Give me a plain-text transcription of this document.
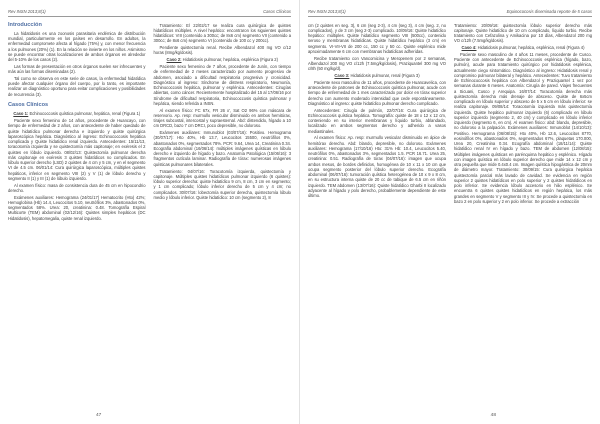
Rev INSN 2013;8(1)	Casos Clínicos
Introducción

La hidatidosis es una zoonosis parasitaria endémica de distribución mundial, particularmente en los países en desarrollo. En adultos, la enfermedad compromete afecta al hígado (75%) y, con menor frecuencia a los pulmones (20%) (1). En la relación se invierte en los niños. Asimismo se puede encontrar otras localizaciones de ambos órganos en alrededor del 5-10% de los casos (2).

Las formas de presentación en otros órganos suelen ser infrecuentes y más aún las formas diseminadas (2).

Tal como se observa en este serie de casos, la enfermedad hidatídica puede afectar cualquier órgano del cuerpo, por lo tanto, es importante realizar un diagnóstico oportuno para evitar complicaciones y posibilidades de recurrencia (3).

Casos Clínicos

Caso 1: Echinococcosis quística pulmonar, hepática, renal (Figura 1)

Paciente sexo femenino de 14 años, procedente de Huancayo, con tiempo de enfermedad de 2 años, con antecedente de haber quedado de quiste hidatídico pulmonar derecha e izquierdo y quiste quirúrgica laparoscópica hepática. Diagnóstico al ingreso: Echinococcosis hepática complicada y Quiste hidatídico renal izquierdo. Antecedentes: 15/11/13, toracotomía izquierda y se quistectomía más capitonaje; en exéresis el 2 quistes en lóbulo izquierdo. 08/02/13: Quistectomía pulmonar derecha más capitonaje en exéresis 3 quistes hidatídicos no complicados. En lóbulo superior derecho (LSD) 2 quistes de 4 cm y 5 cm, y en el segmento VI de 4.5 cm. 06/01/14: Cura quirúrgica laparoscópica, múltiples quistes hepáticos, inferior en segmento VIII (2) y V (1) de lóbulo derecho y segmento II (1) y III (1) de lóbulo izquierdo.

Al examen físico: masa de consistencia dura de 45 cm en hipocondrio derecho.

Exámenes auxiliares: Hemograma (24/01/17) Hematocrito (Hto) 42%; Hemoglobina (Hb) 14.4, Leucocitos 5.10, neutrófilos 3%, abastonados 0%, segmentados 58%. Urea: 20, creatinina: 0.48. Tomografía Espiral Multicorte (TEM) abdominal (02/12/16): Quistes simples hepáticos (DC Hidatidosis), hepatomegalia, quiste renal izquierdo.

Tratamiento: El 22/02/17 se realiza cura quirúrgica de quistes hidatídicos múltiples. A nivel hepático: encontraron los siguientes quistes hidatídicos: VIII (contenido a 300cc; de 8x6 cm) segmento VII (contenido a 300cc; de 8x6 cm) segmento VI (contenido de 100 cc y 200cc).

Pendiente quistectomía renal. Recibe Albendazol 400 mg VO c/12 horas (8mg/kg/dosis).

Caso 2: Hidatidosis pulmonar, hepática, esplénica (Figura 2)

Paciente sexo femenino de 7 años, procedente de Junín, con tiempo de enfermedad de 2 meses caracterizado por aumento progresivo de abdomen, asociado a dificultad respiratoria progresiva y cronicidad. Diagnóstico al ingreso: Síndrome de distress respiratorio, Neumonía, Echinococcosis hepática, pulmonar y esplénica. Antecedentes: Cirugías abiertas, como cáncer. Recientemente hospitalizado del 15 al 17/06/16 por Síndrome de dificultad respiratoria, Echinococcosis quística pulmonar y hepática, siendo referida a INSN.

Al examen físico: FC 67x, FR 26 x', Sat O2 96% con máscara de reservorio. Ap. resp: murmullo vesicular disminuido en ambos hemitórax, tirajes subcostal, intercostal y supraesternal. Abd: distendido, hígado a 10 cm DRCD, bazo 7 cm DRCI, poco depresible, no doloroso.

Exámenes auxiliares: Inmunoblot (03/07/16): Positivo. Hemograma (30/07/17): Hto 40%, Hb 13.7, Leucocitos 15500, neutrófilos 0%, abastonados 0%, segmentados 78%. PCR: 9.64, Urea 14, Creatinina 0.34. Ecografía abdominal (16/06/14): múltiples imágenes quísticas en lóbulo derecho e izquierdo de hígado y bazo. Anatomía Patológica (15/06/16): 3 fragmentos cutícula laminar. Radiografía de tórax: numerosas imágenes quísticas pulmonares bilaterales.

Tratamiento: 04/07/16: Toracotomía izquierda, quistectomía y capitonaje. Múltiples quistes hidatídicos pulmonar izquierdo (6 quistes): lóbulo superior derecha: quiste hidatídico 9 cm, 8 cm, 3 cm en segmento; y 1 cm complicado; lóbulo inferior derecho de 5 cm y 4 cm; no complicados. 30/07/16: lobectomía superior derecha, quistectomía lóbulo medio y lóbulo inferior. Quiste hidatídico: 10 cm (segmento 2), 8

47
Rev INSN 2013;8(1)	Equinococosis diseminada reporte de 5 casos

cm (2 quistes en seg. 3), 6 cm (seg 2-3), 4 cm (seg 3), 4 cm (seg. 2, no complicados), y de 3 cm (seg 2-3) complicado. 10/09/16: Quiste hidatídico hepático: múltiples. Quiste hidatídico segmento VIII (500cc), contenido seroso y membranas hidatídicas. Quiste hidatídico hepático (3 cm) en segmento. VI-VII-VII de 200 cc, 150 cc y 50 cc. Quiste esplénico mide aproximadamente 6 cm con membranas hidatídicas adheridas.

Recibe tratamiento con Vancomicina y Meropenem por 2 semanas, Albendazol 200 mg VO c/12h (7.5mg/kg/dosis), Praziquantel 300 mg VO c/8h (50 mg/kg/d).

Caso 3: Hidatidosis pulmonar, renal (Figura 3)

Paciente sexo masculino de 11 años, procedente de Huancavelica, con antecedente de patrones de Echinococcosis quística pulmonar, acude con tiempo de enfermedad de 1 mes caracterizado por dolor en tórax superior derecho con aumento moderado intensidad que cede espontáneamente. Diagnóstico al ingreso: quiste hidatídico pulmonar derecho complicado.

Antecedentes: Cirugía de pulmón, 22/07/16: Cura quirúrgica de Echinococcosis quística hepática. Tomografía: quiste de 18 x 12 x 12 cm, conteniendo en su interior membranas y líquido turbio, ablandado, localizado en ambos segmentos derecho y adherido a vasos mediastinales.

Al examen físico: Ap. resp: murmullo vesicular disminuido en ápice de hemitórax derecho. Abd: blando, depresible, no doloroso. Exámenes auxiliares: Hemograma (17/10/16) Hto: 31% Hb: 10.4, Leucocitos 5.40, neutrófilos 0%, abastonados 3%, segmentados 1.5. PCR 16.71. Urea 25, creatinina: 0.51. Radiografía de tórax (04/07/16): imagen que ocupa ambos mesos, de bordes definidos, homogénea de 10 x 11 x 10 cm que ocupa segmento posterior del lóbulo superior derecho. Ecografía abdominal (06/07/16): tumoración quística heterogénea de 10 x 9 x 8 cm, en su estructura interna quiste de 20 cc de tabique de 6.5 cm en riñón izquierdo. TEM abdomen (13/07/16): Quiste hidatídico Gharbi II localizado adyacente al hígado y polo derecho, probablemente dependiente de este último.

Tratamiento: 20/09/16: quistectomía lóbulo superior derecho más capitonaje. Quiste hidatídico de 10 cm complicado, líquido turbio. Recibe tratamiento con Cefazolina y Amikacina por 10 días, Albendazol 200 mg VO c/12h (7.5mg/kg/dosis).

Caso 4: Hidatidosis pulmonar, hepática, esplénica, renal (Figura 4)

Paciente sexo masculino de 4 años 11 meses, procedente de Cusco. Paciente con antecedente de Echinococcosis esplénica (hígado, bazo, pulmón), acude para tratamiento quirúrgico por hidatidosis esplénica, actualmente ciego sintomático. Diagnóstico al ingreso: Hidatidosis renal y compromiso pulmonar bilateral y hepático. Antecedentes: Tuvo tratamiento de Echinococcosis hepática con Albendazol y Praziquantel 1 vez por semanas durante 6 meses. Anatomía: Cirugía de pared. Viajes frecuentes a Sicuani, Cusco y Arequipa. 16/07/14: Toracotomía derecha más quistectomía derecha más drenaje de absceso. Quiste de 6x5cm complicado en lóbulo superior y absceso de 5 x 5 cm en lóbulo inferior: se realiza capitonaje. 09/08/14: Toracotomía izquierda más quistectomía izquierda. Quiste hepático pulmonar izquierdo (6) complicado en lóbulo superior izquierdo (segmento 2, 40 cm) y complicado en lóbulo inferior izquierdo (segmento 6, en cm). Al examen físico: abd: blando, depresible, no doloroso a la palpación. Exámenes auxiliares: Inmunoblot (14/10/13): Positivo. Hemograma (06/08/15): Hto 40%, Hb 12.6, Leucocitos 8770, eosinófilos 0%, abastonados 0%, segmentados 67%, plaquetas 170.000, Urea 20, Creatinina 0.34. Ecografía abdominal (18/11/14): Quiste hidatídico renal IV en hígado y bazo. TEM de abdomen (12/08/15): Múltiples imágenes quísticas en parénquima hepático y esplénico. Hígado con imagen quística en lóbulo superior derecho que mide 14 x 12 cm y otra pequeña que mide 0.4x0.4 cm. Imagen quística hipogástrica de 20mm de diámetro mayor. Tratamiento: 30/09/15: Cura quirúrgica hepática quistectomía parcial más lavado de cavidad. Se evidencia en región superior 2 quistes hidatídicos en polo superior y 2 quistes hidatídicos en polo inferior. Se evidencia lóbulo accesorio en hilio esplénico. Se encuentra 6 quistes quistes hidatídicos en región hepática, los más grandes en segmento V y segmento III y IV. Se procede a quistectomía en bazo 2 en polo superior y 2 en polo inferior. Se procede a extracción

48
